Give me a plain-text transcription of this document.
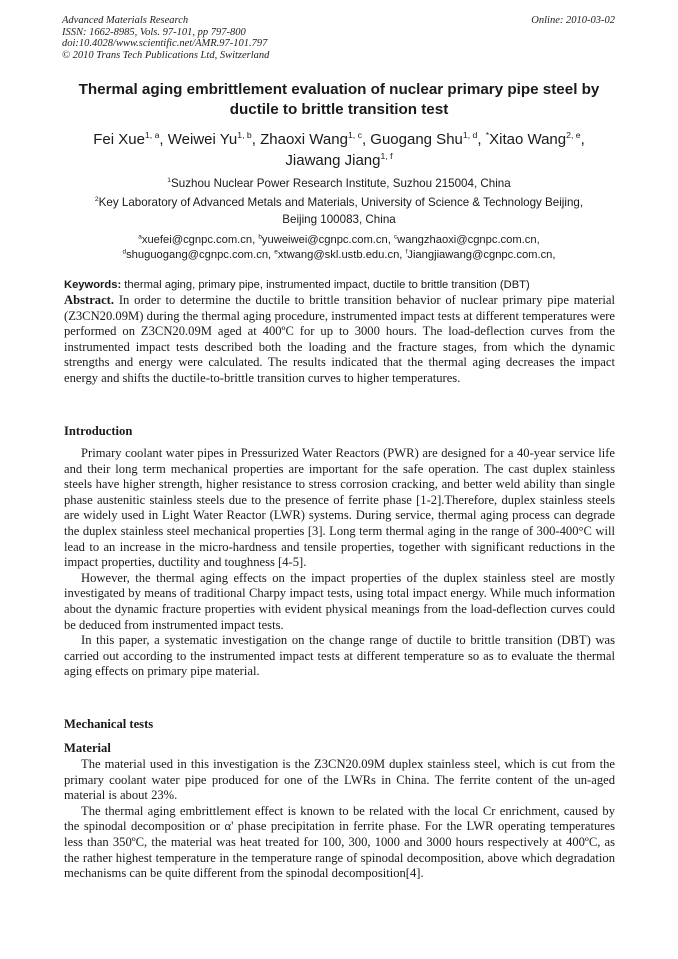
Advanced Materials Research
ISSN: 1662-8985, Vols. 97-101, pp 797-800
doi:10.4028/www.scientific.net/AMR.97-101.797
© 2010 Trans Tech Publications Ltd, Switzerland
Online: 2010-03-02
Thermal aging embrittlement evaluation of nuclear primary pipe steel by
ductile to brittle transition test
Fei Xue$^{1, a}$, Weiwei Yu$^{1, b}$, Zhaoxi Wang$^{1, c}$, Guogang Shu$^{1, d}$, *Xitao Wang$^{2, e}$,
Jiawang Jiang$^{1, f}$
$^1$Suzhou Nuclear Power Research Institute, Suzhou 215004, China
$^2$Key Laboratory of Advanced Metals and Materials, University of Science & Technology Beijing,
Beijing 100083, China
$^a$xuefei@cgnpc.com.cn, $^b$yuweiwei@cgnpc.com.cn, $^c$wangzhaoxi@cgnpc.com.cn,
$^d$shuguogang@cgnpc.com.cn, $^e$xtwang@skl.ustb.edu.cn, $^f$Jiangjiawang@cgnpc.com.cn,
Keywords: thermal aging, primary pipe, instrumented impact, ductile to brittle transition (DBT)

Abstract. In order to determine the ductile to brittle transition behavior of nuclear primary pipe material (Z3CN20.09M) during the thermal aging procedure, instrumented impact tests at different temperatures were performed on Z3CN20.09M aged at 400ºC for up to 3000 hours. The load-deflection curves from the instrumented impact tests described both the loading and the fracture stages, from which the dynamic strengths and energy were calculated. The results indicated that the thermal aging decreases the impact energy and shifts the ductile-to-brittle transition curves to higher temperatures.

Introduction

Primary coolant water pipes in Pressurized Water Reactors (PWR) are designed for a 40-year service life and their long term mechanical properties are important for the safe operation. The cast duplex stainless steels have higher strength, higher resistance to stress corrosion cracking, and better weld ability than single phase austenitic stainless steels due to the presence of ferrite phase [1-2].Therefore, duplex stainless steels are widely used in Light Water Reactor (LWR) systems. During service, thermal aging process can degrade the duplex stainless steel mechanical properties [3]. Long term thermal aging in the range of 300-400°C will lead to an increase in the micro-hardness and tensile properties, together with significant reductions in the impact properties, ductility and toughness [4-5].

However, the thermal aging effects on the impact properties of the duplex stainless steel are mostly investigated by means of traditional Charpy impact tests, using total impact energy. While much information about the dynamic fracture properties with evident physical meanings from the load-deflection curves could be deduced from instrumented impact tests.

In this paper, a systematic investigation on the change range of ductile to brittle transition (DBT) was carried out according to the instrumented impact tests at different temperature so as to evaluate the thermal aging effects on primary pipe material.

Mechanical tests
Material

The material used in this investigation is the Z3CN20.09M duplex stainless steel, which is cut from the primary coolant water pipe produced for one of the LWRs in China. The ferrite content of the un-aged material is about 23%.

The thermal aging embrittlement effect is known to be related with the local Cr enrichment, caused by the spinodal decomposition or α' phase precipitation in ferrite phase. For the LWR operating temperatures less than 350ºC, the material was heat treated for 100, 300, 1000 and 3000 hours respectively at 400ºC, as the rather highest temperature in the temperature range of spinodal decomposition, above which degradation mechanisms can be quite different from the spinodal decomposition[4].
